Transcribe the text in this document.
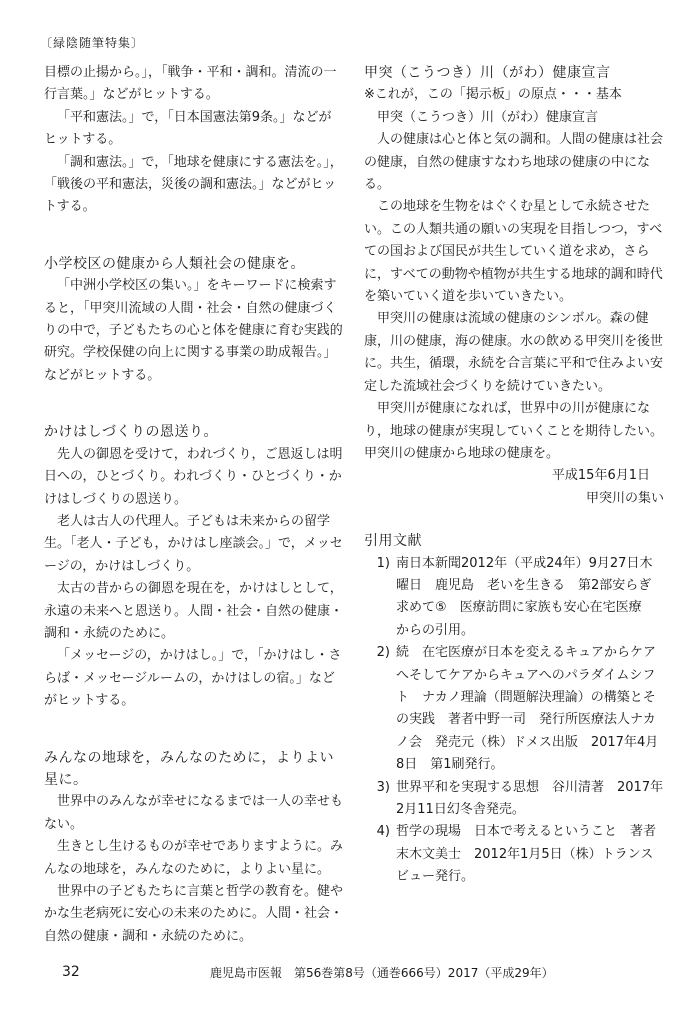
〔緑陰随筆特集〕

目標の止揚から。」，「戦争・平和・調和。清流の一行言葉。」などがヒットする。

「平和憲法。」で，「日本国憲法第9条。」などがヒットする。

「調和憲法。」で，「地球を健康にする憲法を。」，「戦後の平和憲法，災後の調和憲法。」などがヒットする。

小学校区の健康から人類社会の健康を。

「中洲小学校区の集い。」をキーワードに検索すると，「甲突川流域の人間・社会・自然の健康づくりの中で，子どもたちの心と体を健康に育む実践的研究。学校保健の向上に関する事業の助成報告。」などがヒットする。

かけはしづくりの恩送り。

先人の御恩を受けて，われづくり，ご恩返しは明日への，ひとづくり。われづくり・ひとづくり・かけはしづくりの恩送り。

老人は古人の代理人。子どもは未来からの留学生。「老人・子ども，かけはし座談会。」で，メッセージの，かけはしづくり。

太古の昔からの御恩を現在を，かけはしとして，永遠の未来へと恩送り。人間・社会・自然の健康・調和・永続のために。

「メッセージの，かけはし。」で，「かけはし・さらば・メッセージルームの，かけはしの宿。」などがヒットする。

みんなの地球を，みんなのために，よりよい星に。

世界中のみんなが幸せになるまでは一人の幸せもない。

生きとし生けるものが幸せでありますように。みんなの地球を，みんなのために，よりよい星に。

世界中の子どもたちに言葉と哲学の教育を。健やかな生老病死に安心の未来のために。人間・社会・自然の健康・調和・永続のために。

甲突（こうつき）川（がわ）健康宣言

※これが，この「掲示板」の原点・・・基本

甲突（こうつき）川（がわ）健康宣言

人の健康は心と体と気の調和。人間の健康は社会の健康，自然の健康すなわち地球の健康の中になる。

この地球を生物をはぐくむ星として永続させたい。この人類共通の願いの実現を目指しつつ，すべての国および国民が共生していく道を求め，さらに，すべての動物や植物が共生する地球的調和時代を築いていく道を歩いていきたい。

甲突川の健康は流域の健康のシンボル。森の健康，川の健康，海の健康。水の飲める甲突川を後世に。共生，循環，永続を合言葉に平和で住みよい安定した流域社会づくりを続けていきたい。

甲突川が健康になれば，世界中の川が健康になり，地球の健康が実現していくことを期待したい。甲突川の健康から地球の健康を。

平成15年6月1日

甲突川の集い

引用文献
1) 南日本新聞2012年（平成24年）9月27日木曜日　鹿児島　老いを生きる　第2部安らぎ求めて⑤　医療訪問に家族も安心在宅医療　からの引用。
2) 続　在宅医療が日本を変えるキュアからケアへそしてケアからキュアへのパラダイムシフト　ナカノ理論（問題解決理論）の構築とその実践　著者中野一司　発行所医療法人ナカノ会　発売元（株）ドメス出版　2017年4月8日　第1刷発行。
3) 世界平和を実現する思想　谷川清著　2017年2月11日幻冬舎発売。
4) 哲学の現場　日本で考えるということ　著者　末木文美士　2012年1月5日（株）トランスビュー発行。
32	鹿児島市医報　第56巻第8号（通巻666号）2017（平成29年）
